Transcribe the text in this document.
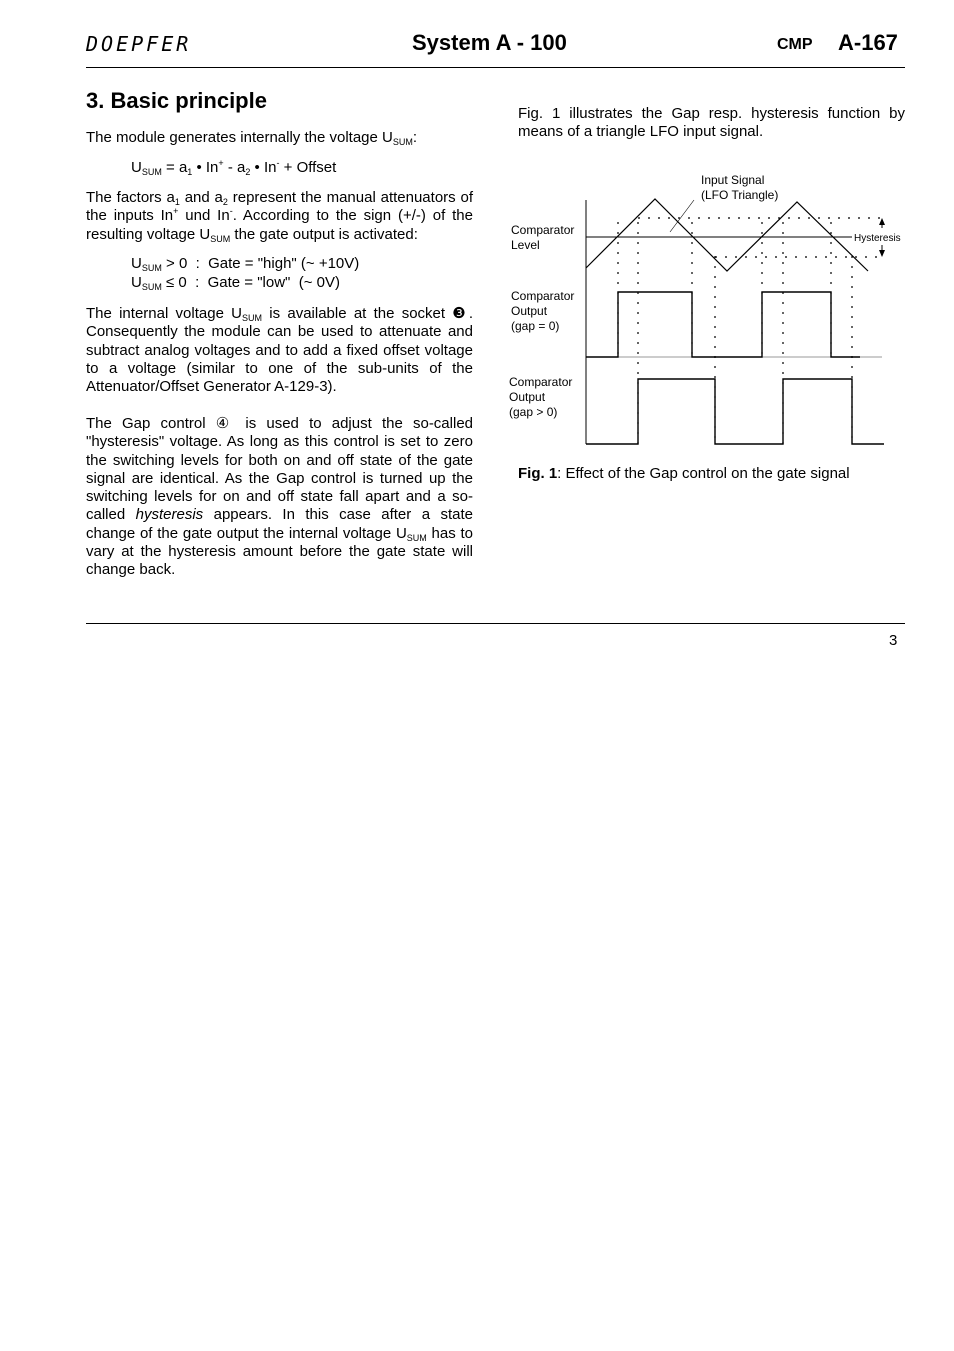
DOEPFER	System A - 100	CMP A-167
3. Basic principle
The module generates internally the voltage $U_{SUM}$:
$U_{SUM} = a_1$ • $In^+ - a_2$ • In- + Offset
The factors $a_1$ and $a_2$ represent the manual attenuators of the inputs In+ und In-. According to the sign (+/-) of the resulting voltage $U_{SUM}$ the gate output is activated:
$U_{SUM} > 0$  :  Gate = "high" (~ +10V)
$U_{SUM} \le 0$  :  Gate = "low"  (~ 0V)
The internal voltage $U_{SUM}$ is available at the socket ❸. Consequently the module can be used to attenuate and subtract analog voltages and to add a fixed offset voltage to a voltage (similar to one of the sub-units of the Attenuator/Offset Generator A-129-3).
The Gap control ④ is used to adjust the so-called "hysteresis" voltage. As long as this control is set to zero the switching levels for both on and off state of the gate signal are identical. As the Gap control is turned up the switching levels for on and off state fall apart and a so-called hysteresis appears. In this case after a state change of the gate output the internal voltage $U_{SUM}$ has to vary at the hysteresis amount before the gate state will change back.
Fig. 1 illustrates the Gap resp. hysteresis function by means of a triangle LFO input signal.
Input Signal
(LFO Triangle)
Comparator
Level	Hysteresis
Comparator
Output
(gap = 0)
Comparator
Output
(gap > 0)
Fig. 1: Effect of the Gap control on the gate signal
3
